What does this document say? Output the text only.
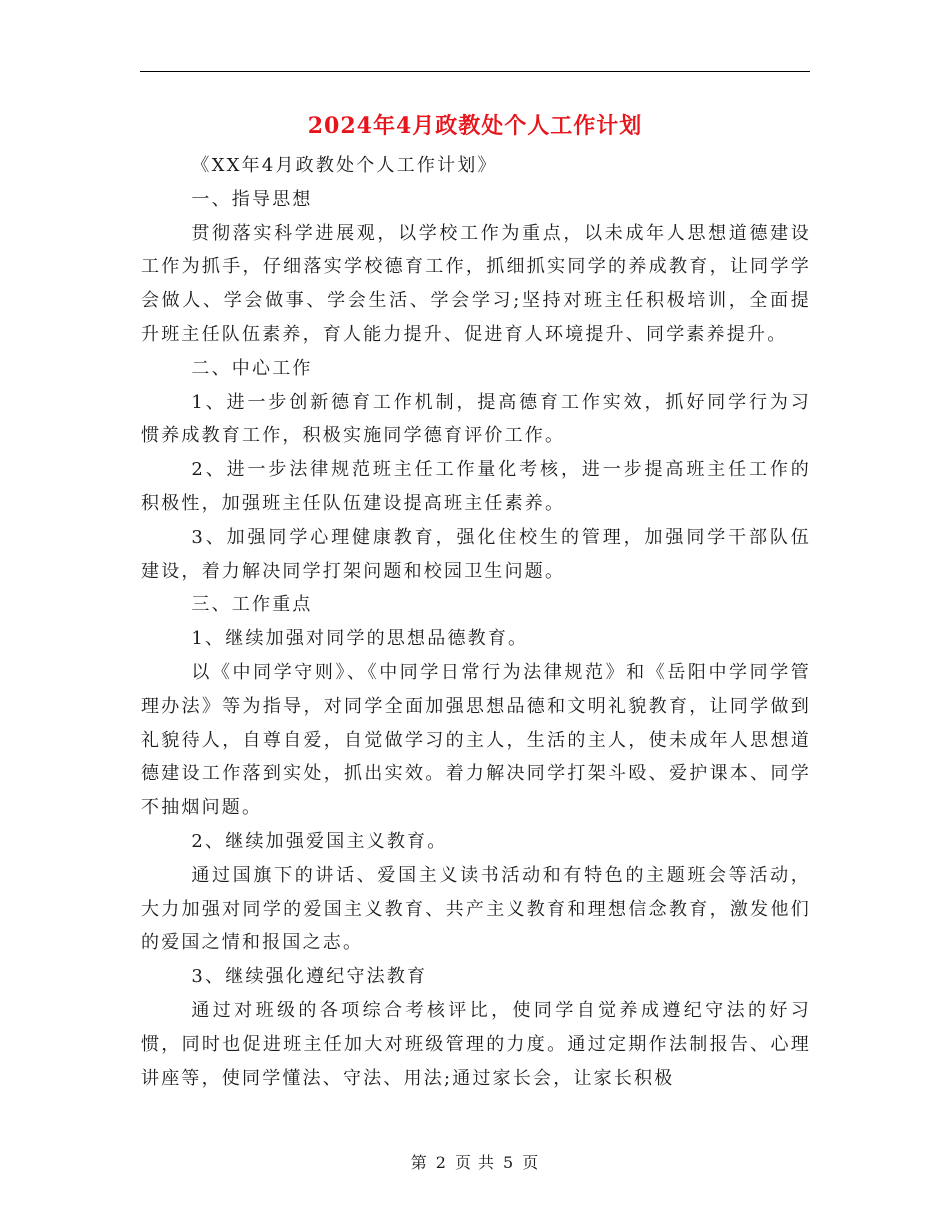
2024年4月政教处个人工作计划

《XX年4月政教处个人工作计划》

一、指导思想

贯彻落实科学进展观，以学校工作为重点，以未成年人思想道德建设工作为抓手，仔细落实学校德育工作，抓细抓实同学的养成教育，让同学学会做人、学会做事、学会生活、学会学习;坚持对班主任积极培训，全面提升班主任队伍素养，育人能力提升、促进育人环境提升、同学素养提升。

二、中心工作

1、进一步创新德育工作机制，提高德育工作实效，抓好同学行为习惯养成教育工作，积极实施同学德育评价工作。

2、进一步法律规范班主任工作量化考核，进一步提高班主任工作的积极性，加强班主任队伍建设提高班主任素养。

3、加强同学心理健康教育，强化住校生的管理，加强同学干部队伍建设，着力解决同学打架问题和校园卫生问题。

三、工作重点

1、继续加强对同学的思想品德教育。

以《中同学守则》、《中同学日常行为法律规范》和《岳阳中学同学管理办法》等为指导，对同学全面加强思想品德和文明礼貌教育，让同学做到礼貌待人，自尊自爱，自觉做学习的主人，生活的主人，使未成年人思想道德建设工作落到实处，抓出实效。着力解决同学打架斗殴、爱护课本、同学不抽烟问题。

2、继续加强爱国主义教育。

通过国旗下的讲话、爱国主义读书活动和有特色的主题班会等活动，大力加强对同学的爱国主义教育、共产主义教育和理想信念教育，激发他们的爱国之情和报国之志。

3、继续强化遵纪守法教育

通过对班级的各项综合考核评比，使同学自觉养成遵纪守法的好习惯，同时也促进班主任加大对班级管理的力度。通过定期作法制报告、心理讲座等，使同学懂法、守法、用法;通过家长会，让家长积极

第 2 页 共 5 页
